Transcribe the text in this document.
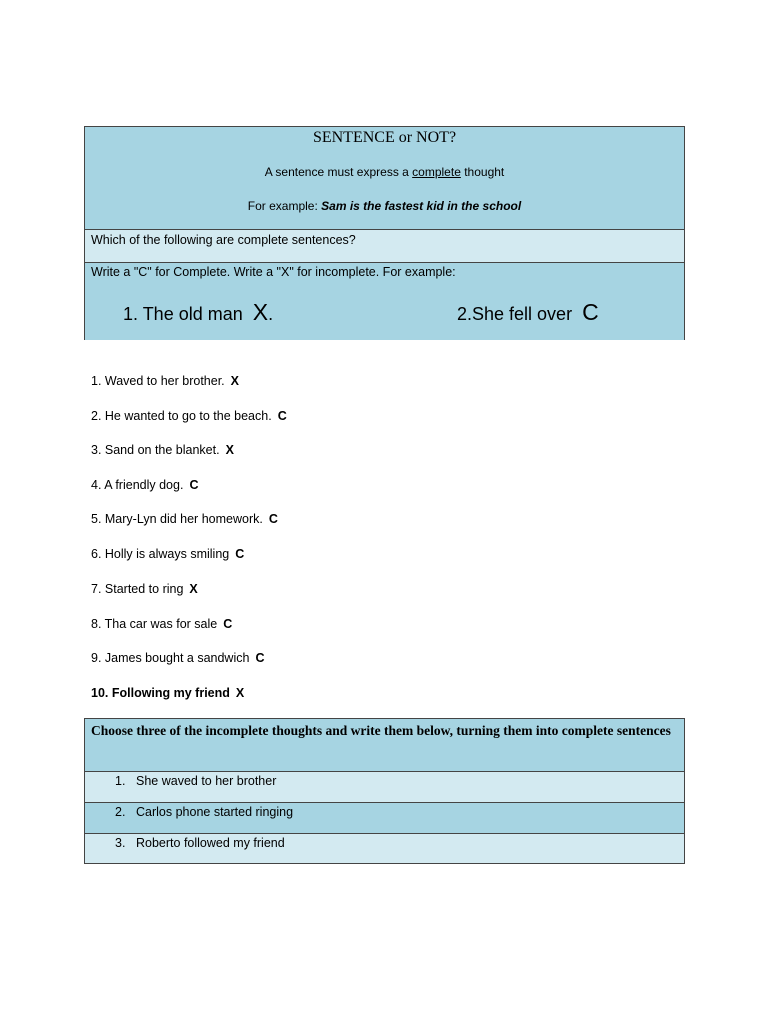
SENTENCE or NOT?
A sentence must express a complete thought
For example: Sam is the fastest kid in the school
Which of the following are complete sentences?
Write a "C" for Complete. Write a "X" for incomplete. For example:
1. The old man X.	2.She fell over C
1. Waved to her brother. X
2. He wanted to go to the beach. C
3. Sand on the blanket. X
4. A friendly dog. C
5. Mary-Lyn did her homework. C
6. Holly is always smiling C
7. Started to ring X
8. Tha car was for sale C
9. James bought a sandwich C
10. Following my friend X
Choose three of the incomplete thoughts and write them below, turning them into complete sentences
1. She waved to her brother
2. Carlos phone started ringing
3. Roberto followed my friend
